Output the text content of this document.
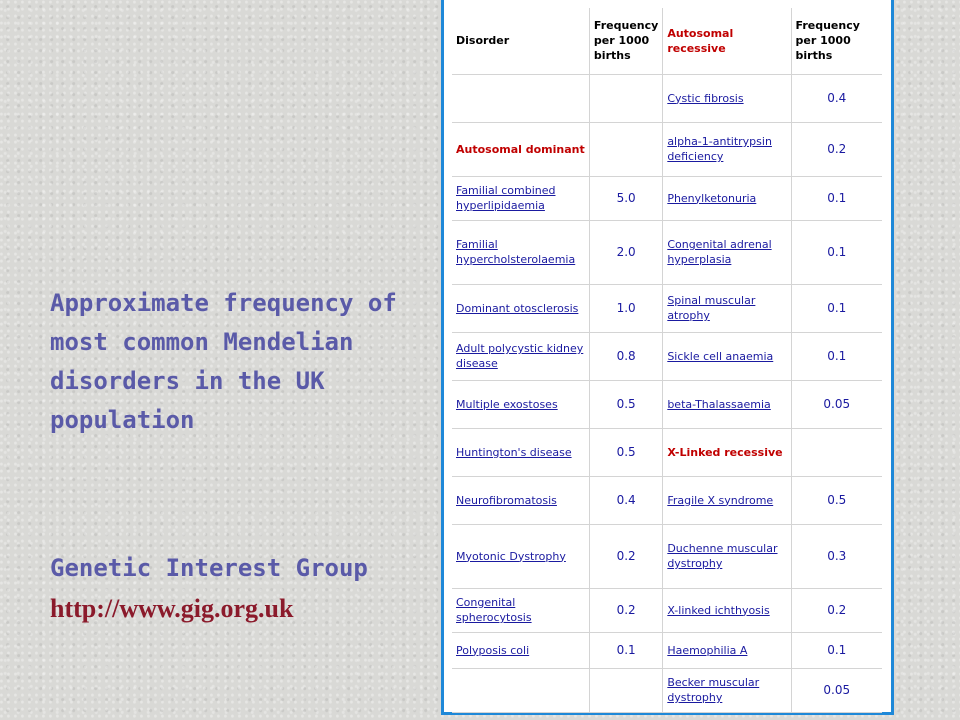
Approximate frequency of most common Mendelian disorders in the UK population
Genetic Interest Group
http://www.gig.org.uk
Disorder	Frequency per 1000 births	Autosomal recessive	Frequency per 1000 births
		Cystic fibrosis	0.4
Autosomal dominant		alpha-1-antitrypsin deficiency	0.2
Familial combined hyperlipidaemia	5.0	Phenylketonuria	0.1
Familial hypercholsterolaemia	2.0	Congenital adrenal hyperplasia	0.1
Dominant otosclerosis	1.0	Spinal muscular atrophy	0.1
Adult polycystic kidney disease	0.8	Sickle cell anaemia	0.1
Multiple exostoses	0.5	beta-Thalassaemia	0.05
Huntington's disease	0.5	X-Linked recessive	
Neurofibromatosis	0.4	Fragile X syndrome	0.5
Myotonic Dystrophy	0.2	Duchenne muscular dystrophy	0.3
Congenital spherocytosis	0.2	X-linked ichthyosis	0.2
Polyposis coli	0.1	Haemophilia A	0.1
		Becker muscular dystrophy	0.05
